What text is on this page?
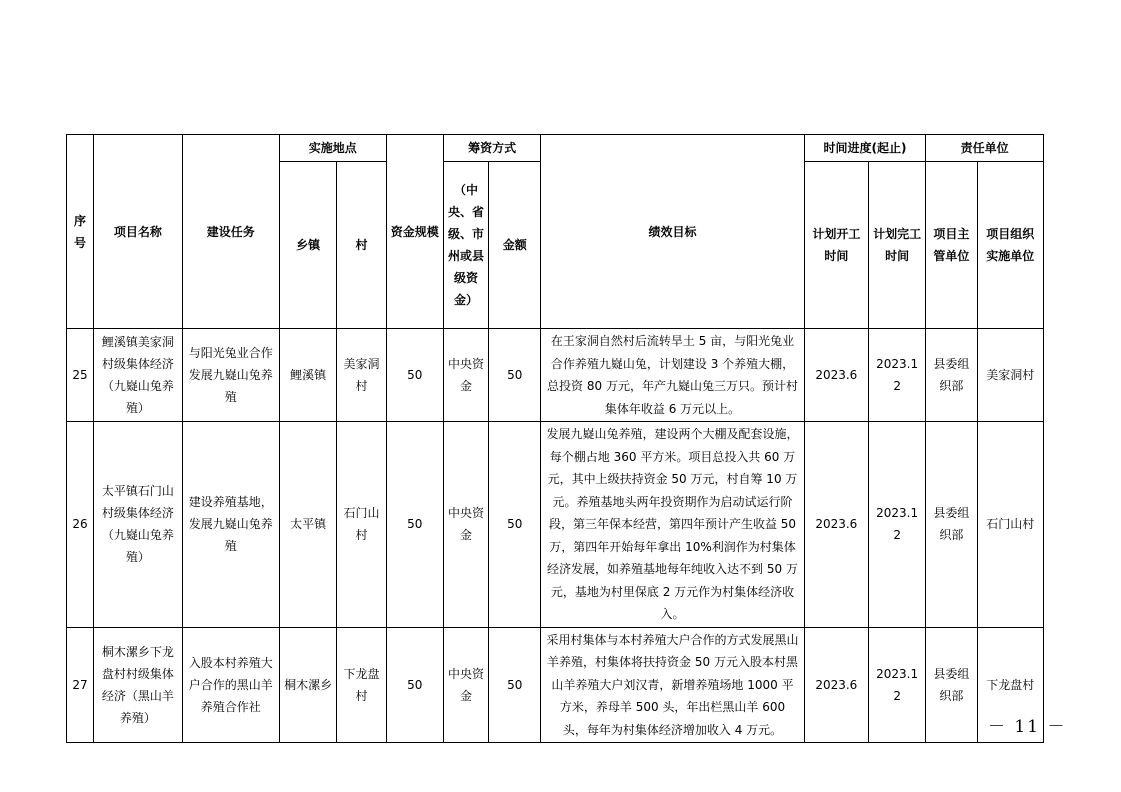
序号	项目名称	建设任务	实施地点		资金规模	筹资方式		绩效目标	时间进度(起止)		责任单位	
			乡镇	村		（中央、省级、市州或县级资金）	金额		计划开工时间	计划完工时间	项目主管单位	项目组织实施单位
25	鲤溪镇美家洞村级集体经济（九嶷山兔养殖）	与阳光兔业合作发展九嶷山兔养殖	鲤溪镇	美家洞村	50	中央资金	50	在王家洞自然村后流转旱土 5 亩，与阳光兔业合作养殖九嶷山兔，计划建设 3 个养殖大棚，总投资 80 万元，年产九嶷山兔三万只。预计村集体年收益 6 万元以上。	2023.6	2023.12	县委组织部	美家洞村
26	太平镇石门山村级集体经济（九嶷山兔养殖）	建设养殖基地，发展九嶷山兔养殖	太平镇	石门山村	50	中央资金	50	发展九嶷山兔养殖，建设两个大棚及配套设施，每个棚占地 360 平方米。项目总投入共 60 万元，其中上级扶持资金 50 万元，村自筹 10 万元。养殖基地头两年投资期作为启动试运行阶段，第三年保本经营，第四年预计产生收益 50 万，第四年开始每年拿出 10%利润作为村集体经济发展，如养殖基地每年纯收入达不到 50 万元，基地为村里保底 2 万元作为村集体经济收入。	2023.6	2023.12	县委组织部	石门山村
27	桐木漯乡下龙盘村村级集体经济（黑山羊养殖）	入股本村养殖大户合作的黑山羊养殖合作社	桐木漯乡	下龙盘村	50	中央资金	50	采用村集体与本村养殖大户合作的方式发展黑山羊养殖，村集体将扶持资金 50 万元入股本村黑山羊养殖大户刘汉青，新增养殖场地 1000 平方米，养母羊 500 头，年出栏黑山羊 600 头，每年为村集体经济增加收入 4 万元。	2023.6	2023.12	县委组织部	下龙盘村
－ 11 －
